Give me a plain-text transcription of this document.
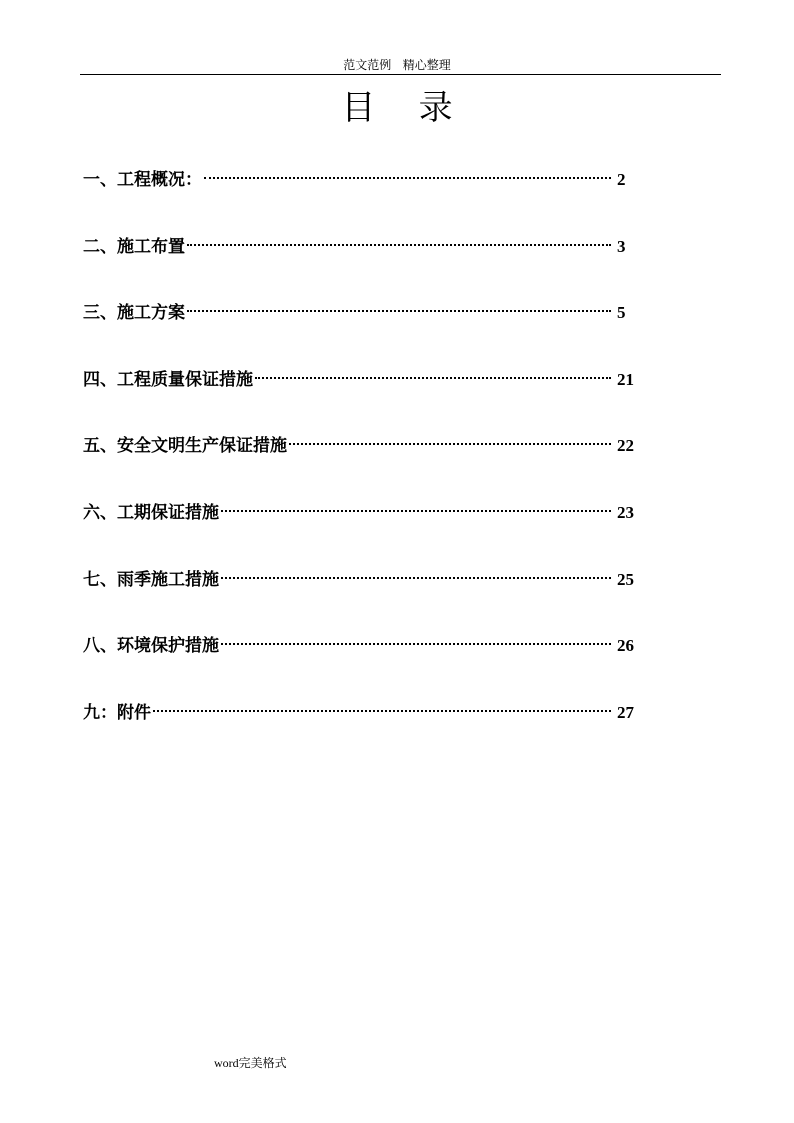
范文范例   精心整理
目    录
一、工程概况：	2
二、施工布置	3
三、施工方案	5
四、工程质量保证措施	21
五、安全文明生产保证措施	22
六、工期保证措施	23
七、雨季施工措施	25
八、环境保护措施	26
九：附件	27
word完美格式
